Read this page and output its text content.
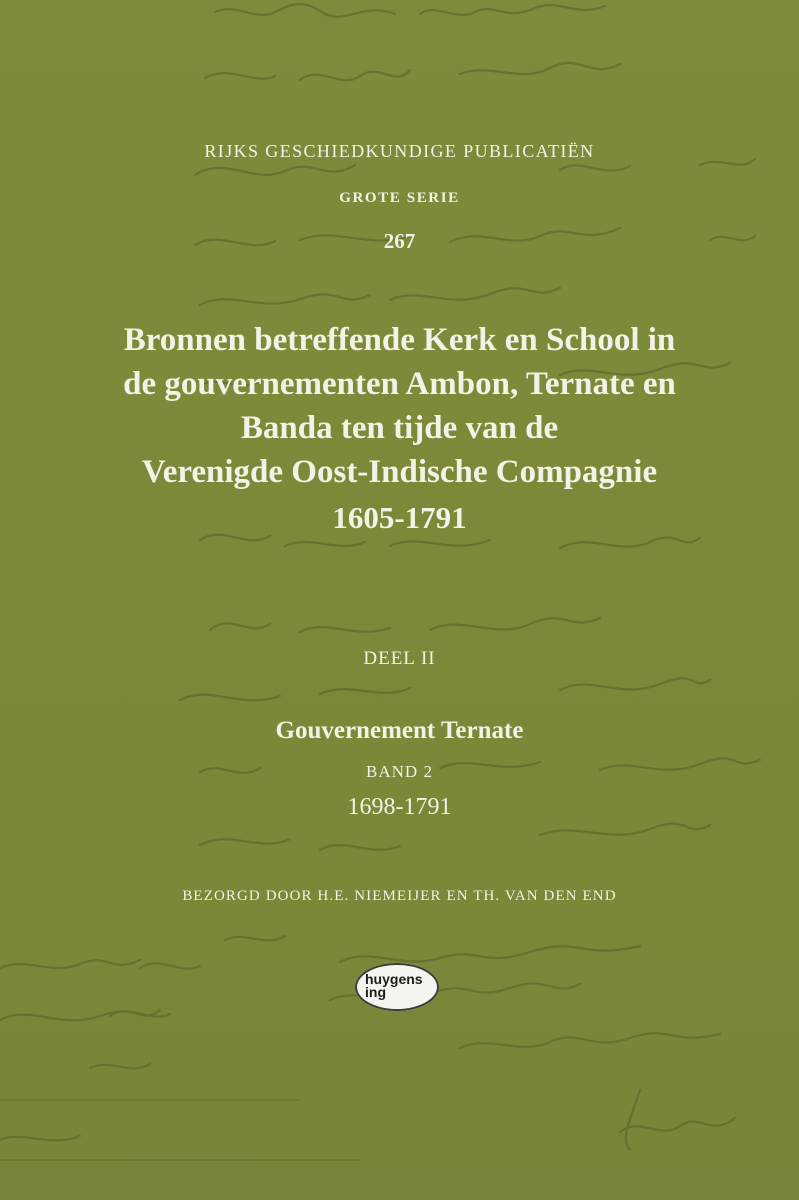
RIJKS GESCHIEDKUNDIGE PUBLICATIËN

GROTE SERIE

267

Bronnen betreffende Kerk en School in
de gouvernementen Ambon, Ternate en
Banda ten tijde van de
Verenigde Oost-Indische Compagnie

1605-1791

DEEL II

Gouvernement Ternate

BAND 2

1698-1791

BEZORGD DOOR H.E. NIEMEIJER EN TH. VAN DEN END

huygens
ing
